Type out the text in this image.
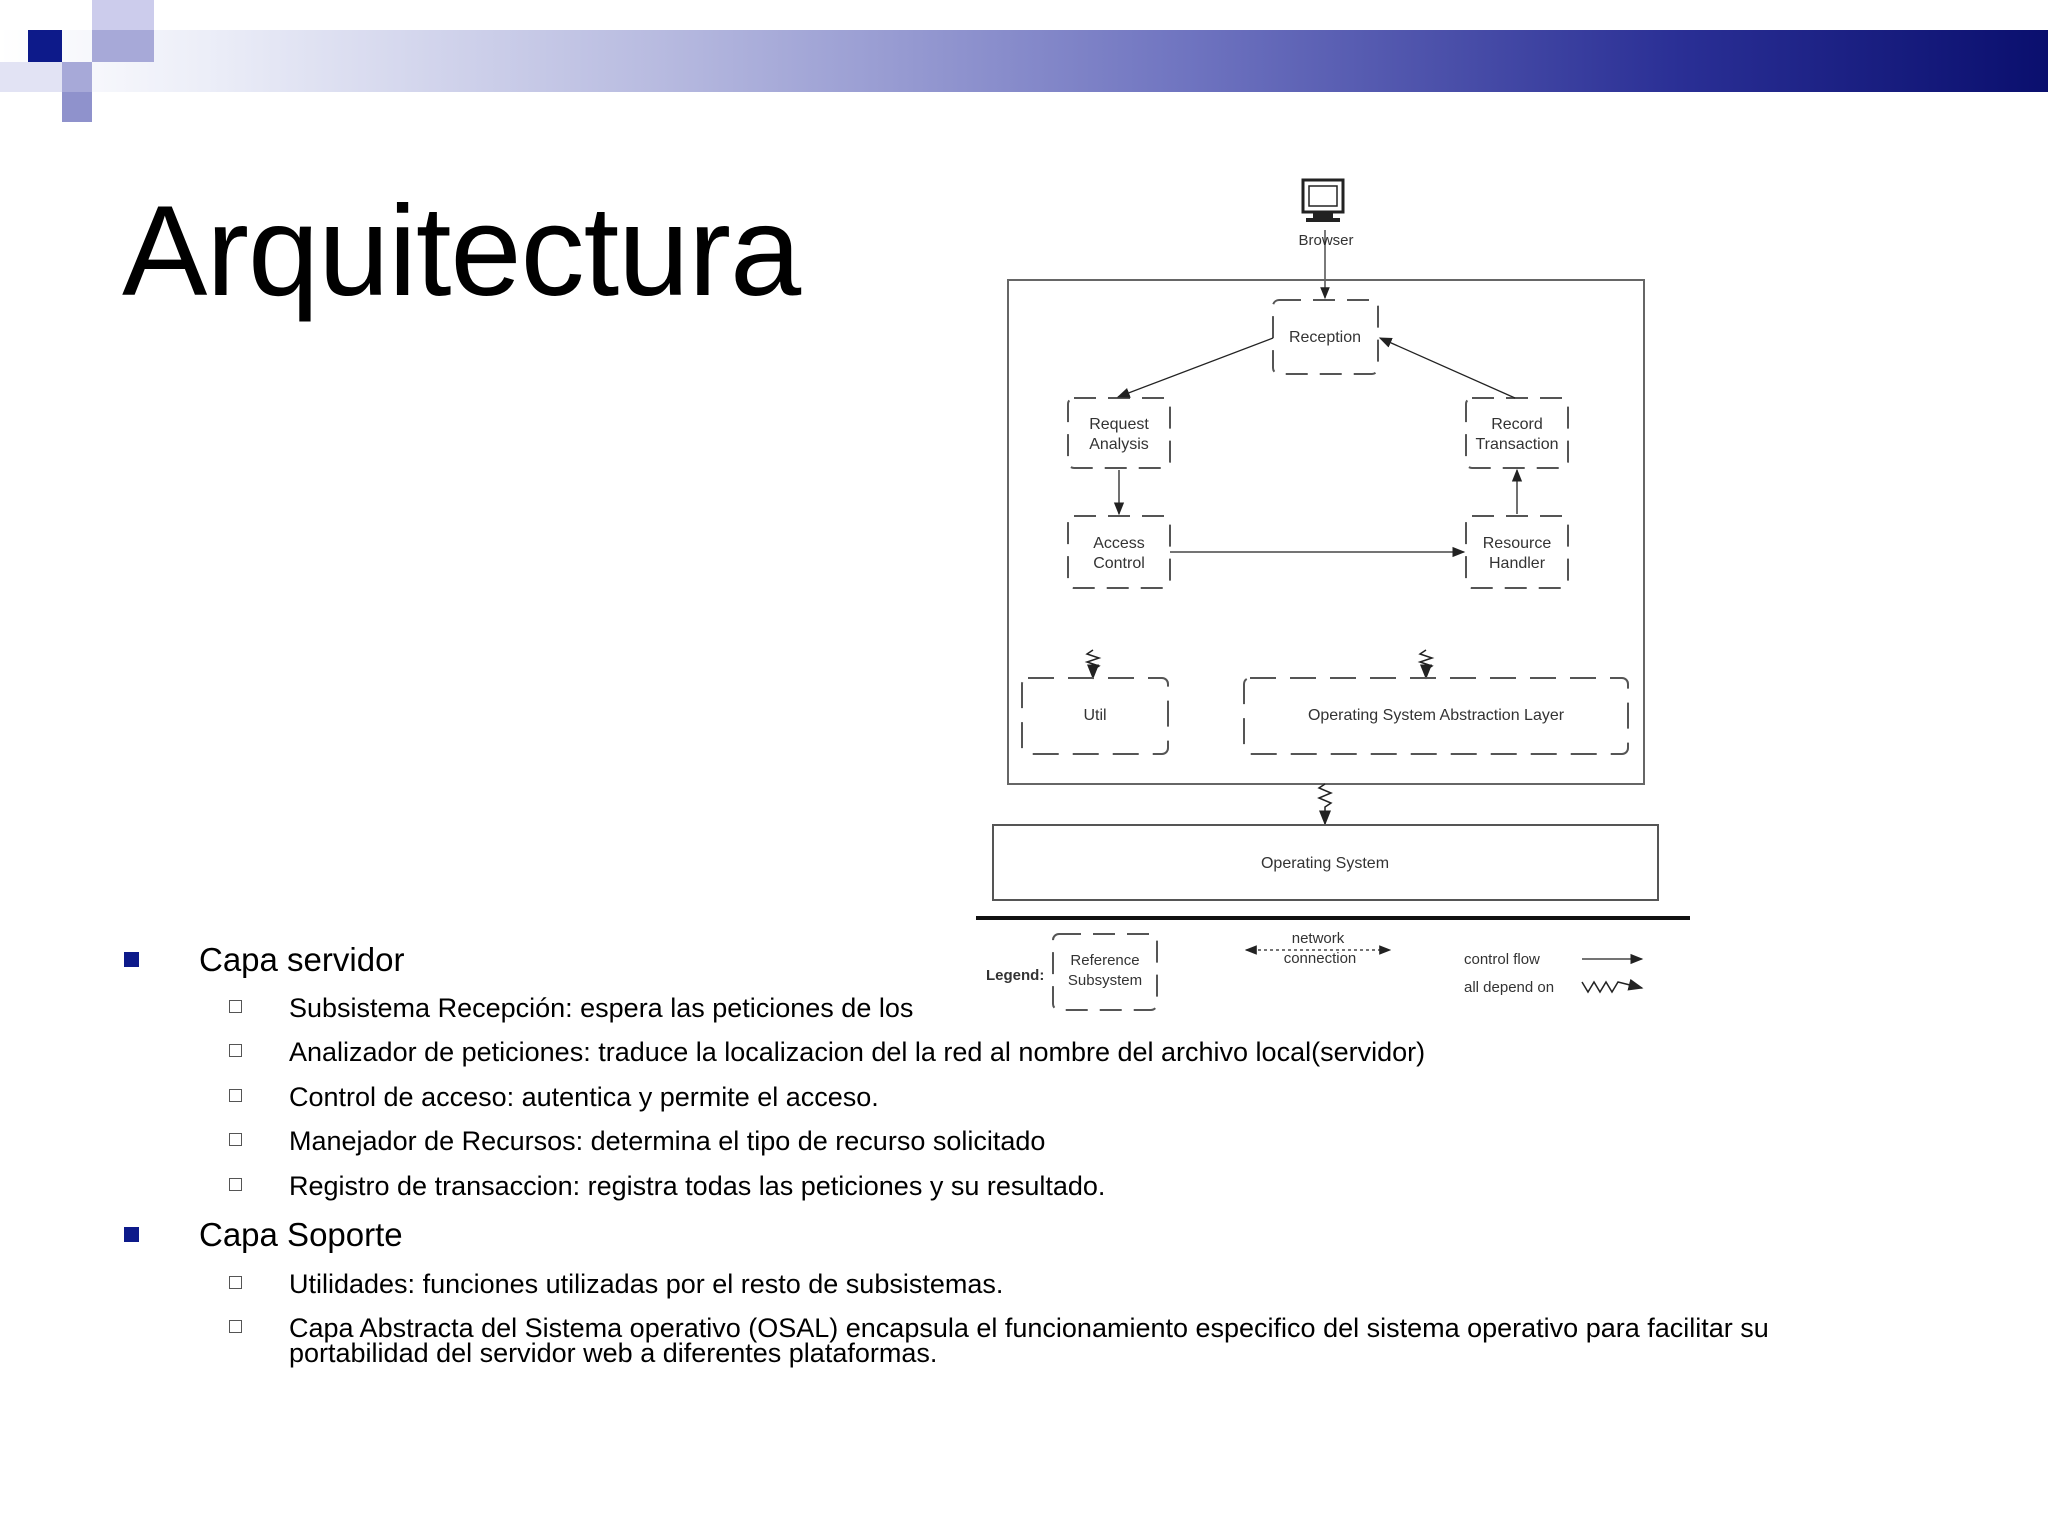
Arquitectura	Browser
Reception
Request
Analysis
Record
Transaction
Access
Control
Resource
Handler
Util	Operating System Abstraction Layer
Operating System
Legend:
Reference
Subsystem
network
connection	control flow
all depend on
Capa servidor
Subsistema Recepción: espera las peticiones de los
Analizador de peticiones: traduce la localizacion del la red al nombre del archivo local(servidor)
Control de acceso: autentica y permite el acceso.
Manejador de Recursos: determina el tipo de recurso solicitado
Registro de transaccion: registra todas las peticiones y su resultado.
Capa Soporte
Utilidades: funciones utilizadas por el resto de subsistemas.
Capa Abstracta del Sistema operativo (OSAL) encapsula el funcionamiento especifico del sistema operativo para facilitar su
portabilidad del servidor web a diferentes plataformas.
